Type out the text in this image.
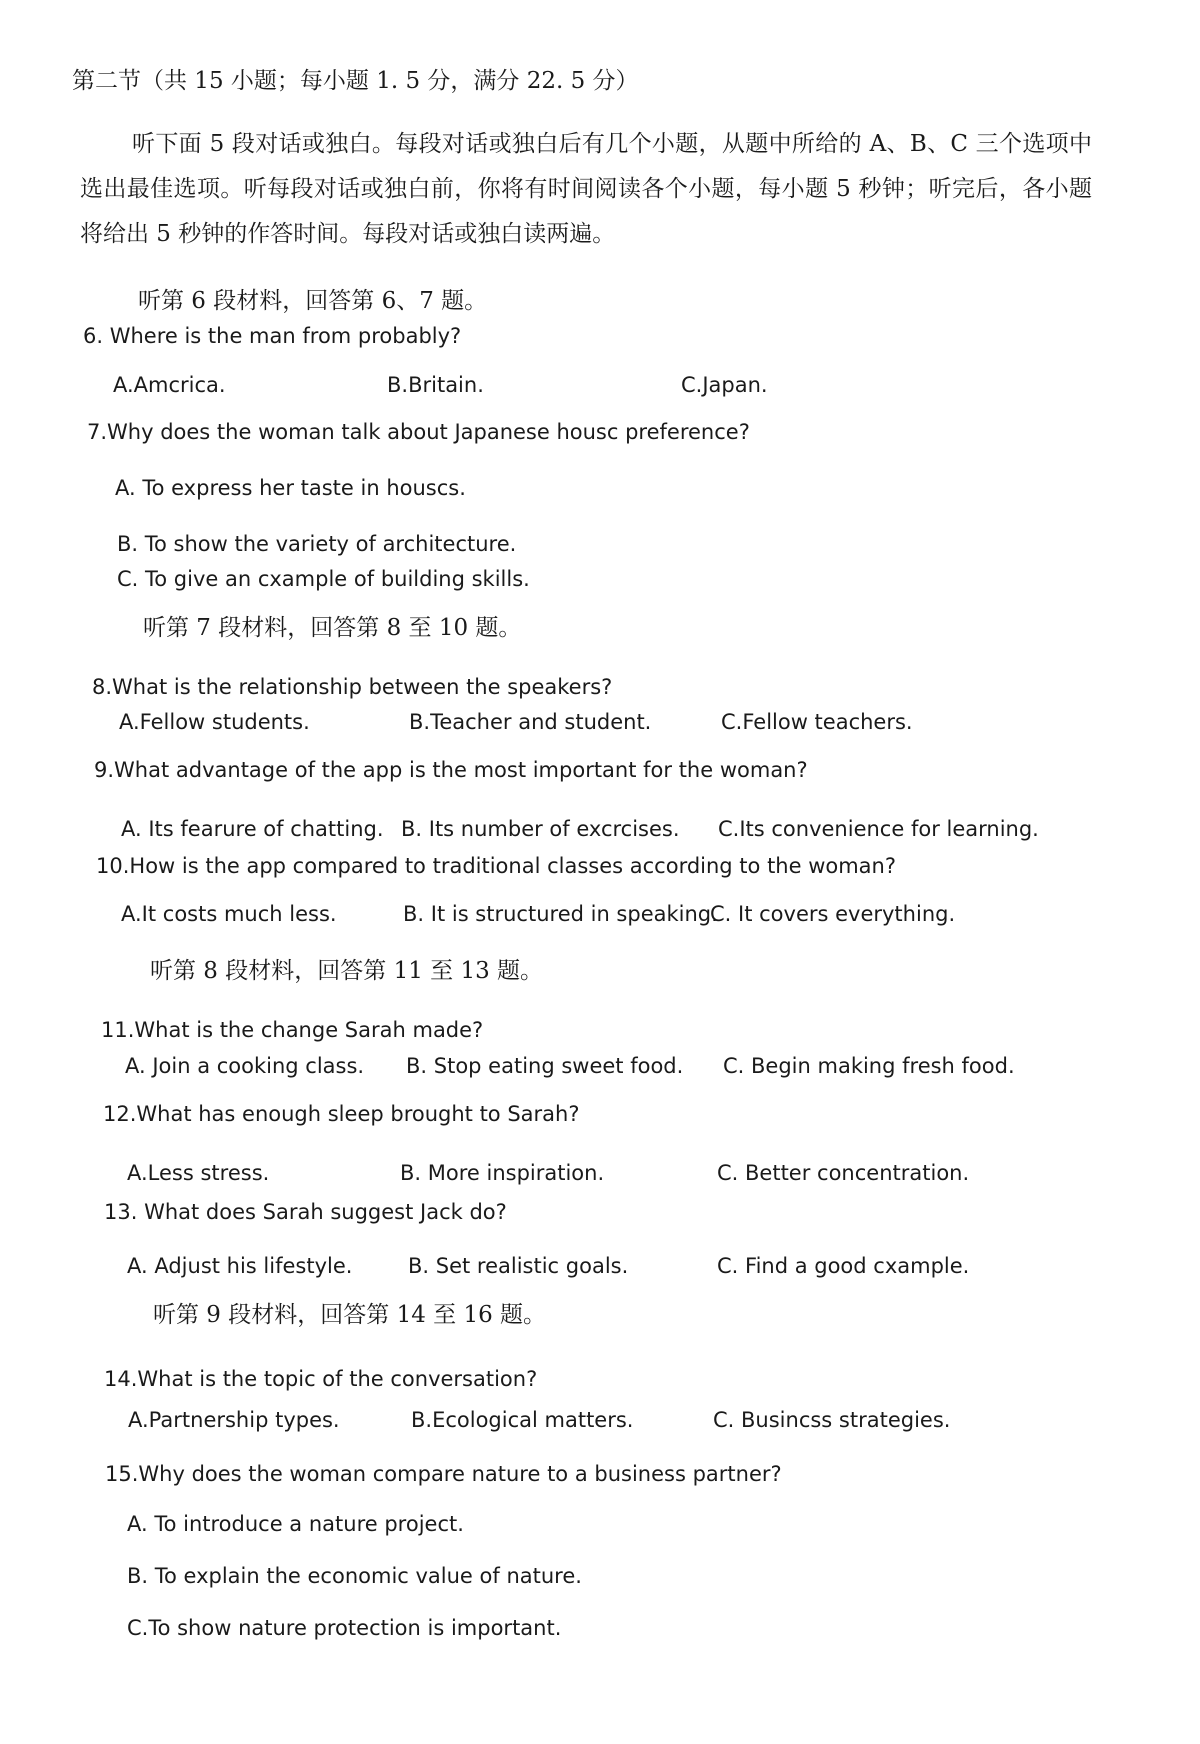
第二节（共 15 小题；每小题 1. 5 分，满分 22. 5 分）
听下面 5 段对话或独白。每段对话或独白后有几个小题，从题中所给的 A、B、C 三个选项中选出最佳选项。听每段对话或独白前，你将有时间阅读各个小题，每小题 5 秒钟；听完后，各小题将给出 5 秒钟的作答时间。每段对话或独白读两遍。
听第 6 段材料，回答第 6、7 题。
6. Where is the man from probably?
A.Amcrica.	B.Britain.	C.Japan.
7.Why does the woman talk about Japanese housc preference?
A. To express her taste in houscs.
B. To show the variety of architecture.
C. To give an cxample of building skills.
听第 7 段材料，回答第 8 至 10 题。
8.What is the relationship between the speakers?
A.Fellow students.	B.Teacher and student.	C.Fellow teachers.
9.What advantage of the app is the most important for the woman?
A. Its fearure of chatting. B. Its number of excrcises. C.Its convenience for learning.
10.How is the app compared to traditional classes according to the woman?
A.It costs much less.	B. It is structured in speaking.
C. It covers everything.
听第 8 段材料，回答第 11 至 13 题。
11.What is the change Sarah made?
A. Join a cooking class. B. Stop eating sweet food. C. Begin making fresh food.
12.What has enough sleep brought to Sarah?
A.Less stress.	B. More inspiration.	C. Better concentration.
13. What does Sarah suggest Jack do?
A. Adjust his lifestyle.	B. Set realistic goals.	C. Find a good cxample.
听第 9 段材料，回答第 14 至 16 题。
14.What is the topic of the conversation?
A.Partnership types.	B.Ecological matters.	C. Busincss strategies.
15.Why does the woman compare nature to a business partner?
A. To introduce a nature project.
B. To explain the economic value of nature.
C.To show nature protection is important.
